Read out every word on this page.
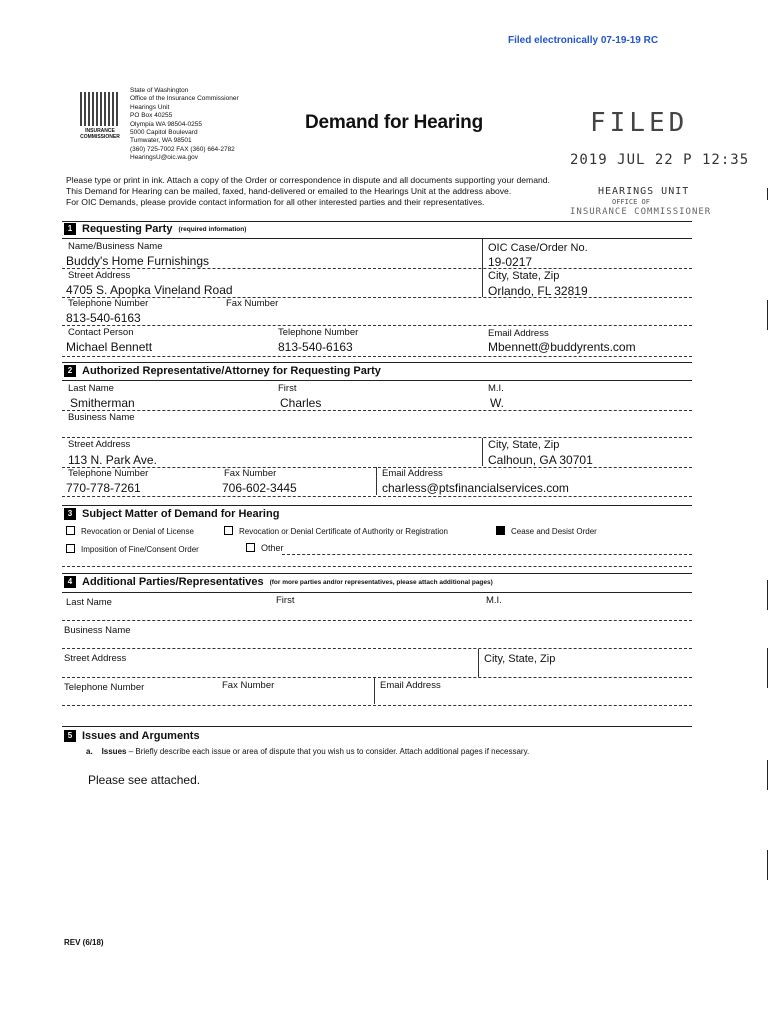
Filed electronically 07-19-19 RC
INSURANCE
COMMISSIONER
State of Washington
Office of the Insurance Commissioner
Hearings Unit
PO Box 40255
Olympia WA 98504-0255
5000 Capitol Boulevard
Tumwater, WA 98501
(360) 725-7002 FAX (360) 664-2782
HearingsU@oic.wa.gov
Demand for Hearing	FILED
2019 JUL 22 P 12:35
HEARINGS UNIT
OFFICE OF
INSURANCE COMMISSIONER
Please type or print in ink. Attach a copy of the Order or correspondence in dispute and all documents supporting your demand.
This Demand for Hearing can be mailed, faxed, hand-delivered or emailed to the Hearings Unit at the address above.
For OIC Demands, please provide contact information for all other interested parties and their representatives.
1 Requesting Party (required information)
Name/Business Name
Buddy's Home Furnishings
OIC Case/Order No.
19-0217
Street Address
4705 S. Apopka Vineland Road
City, State, Zip
Orlando, FL 32819
Telephone Number	Fax Number
813-540-6163
Contact Person	Telephone Number	Email Address
Michael Bennett	813-540-6163	Mbennett@buddyrents.com
2 Authorized Representative/Attorney for Requesting Party
Last Name	First	M.I.
Smitherman	Charles	W.
Business Name
Street Address	City, State, Zip
113 N. Park Ave.	Calhoun, GA 30701
Telephone Number	Fax Number	Email Address
770-778-7261	706-602-3445	charless@ptsfinancialservices.com
3 Subject Matter of Demand for Hearing
Revocation or Denial of License	Revocation or Denial Certificate of Authority or Registration	Cease and Desist Order
Imposition of Fine/Consent Order	Other
4 Additional Parties/Representatives (for more parties and/or representatives, please attach additional pages)
Last Name	First	M.I.
Business Name
Street Address	City, State, Zip
Telephone Number	Fax Number	Email Address
5 Issues and Arguments
a. Issues – Briefly describe each issue or area of dispute that you wish us to consider. Attach additional pages if necessary.
Please see attached.
REV (6/18)
